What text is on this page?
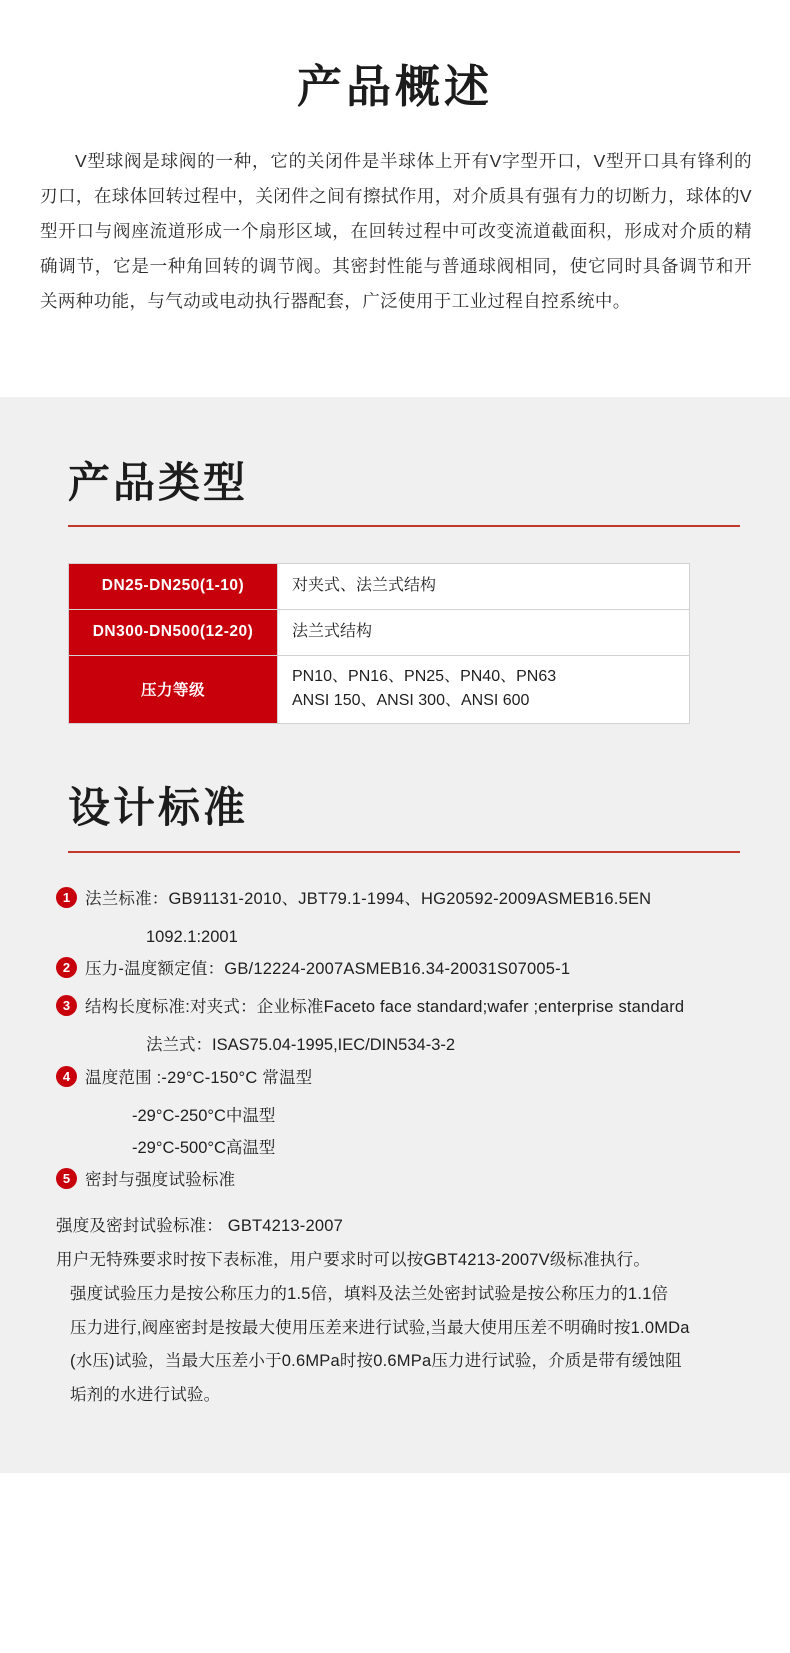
产品概述

V型球阀是球阀的一种，它的关闭件是半球体上开有V字型开口，V型开口具有锋利的刃口，在球体回转过程中，关闭件之间有擦拭作用，对介质具有强有力的切断力，球体的V型开口与阀座流道形成一个扇形区域，在回转过程中可改变流道截面积，形成对介质的精确调节，它是一种角回转的调节阀。其密封性能与普通球阀相同，使它同时具备调节和开关两种功能，与气动或电动执行器配套，广泛使用于工业过程自控系统中。

产品类型
DN25-DN250(1-10)	对夹式、法兰式结构

DN300-DN500(12-20)	法兰式结构

压力等级	PN10、PN16、PN25、PN40、PN63
ANSI 150、ANSI 300、ANSI 600
设计标准
1 法兰标准：GB91131-2010、JBT79.1-1994、HG20592-2009ASMEB16.5EN
1092.1:2001
2 压力-温度额定值：GB/12224-2007ASMEB16.34-20031S07005-1
3 结构长度标准:对夹式：企业标准Faceto face standard;wafer ;enterprise standard
法兰式：ISAS75.04-1995,IEC/DIN534-3-2
4 温度范围 :-29°C-150°C 常温型
-29°C-250°C中温型
-29°C-500°C高温型
5 密封与强度试验标准
强度及密封试验标准： GBT4213-2007
用户无特殊要求时按下表标准，用户要求时可以按GBT4213-2007V级标准执行。
强度试验压力是按公称压力的1.5倍，填料及法兰处密封试验是按公称压力的1.1倍
压力进行,阀座密封是按最大使用压差来进行试验,当最大使用压差不明确时按1.0MDa
(水压)试验，当最大压差小于0.6MPa时按0.6MPa压力进行试验，介质是带有缓蚀阻
垢剂的水进行试验。
